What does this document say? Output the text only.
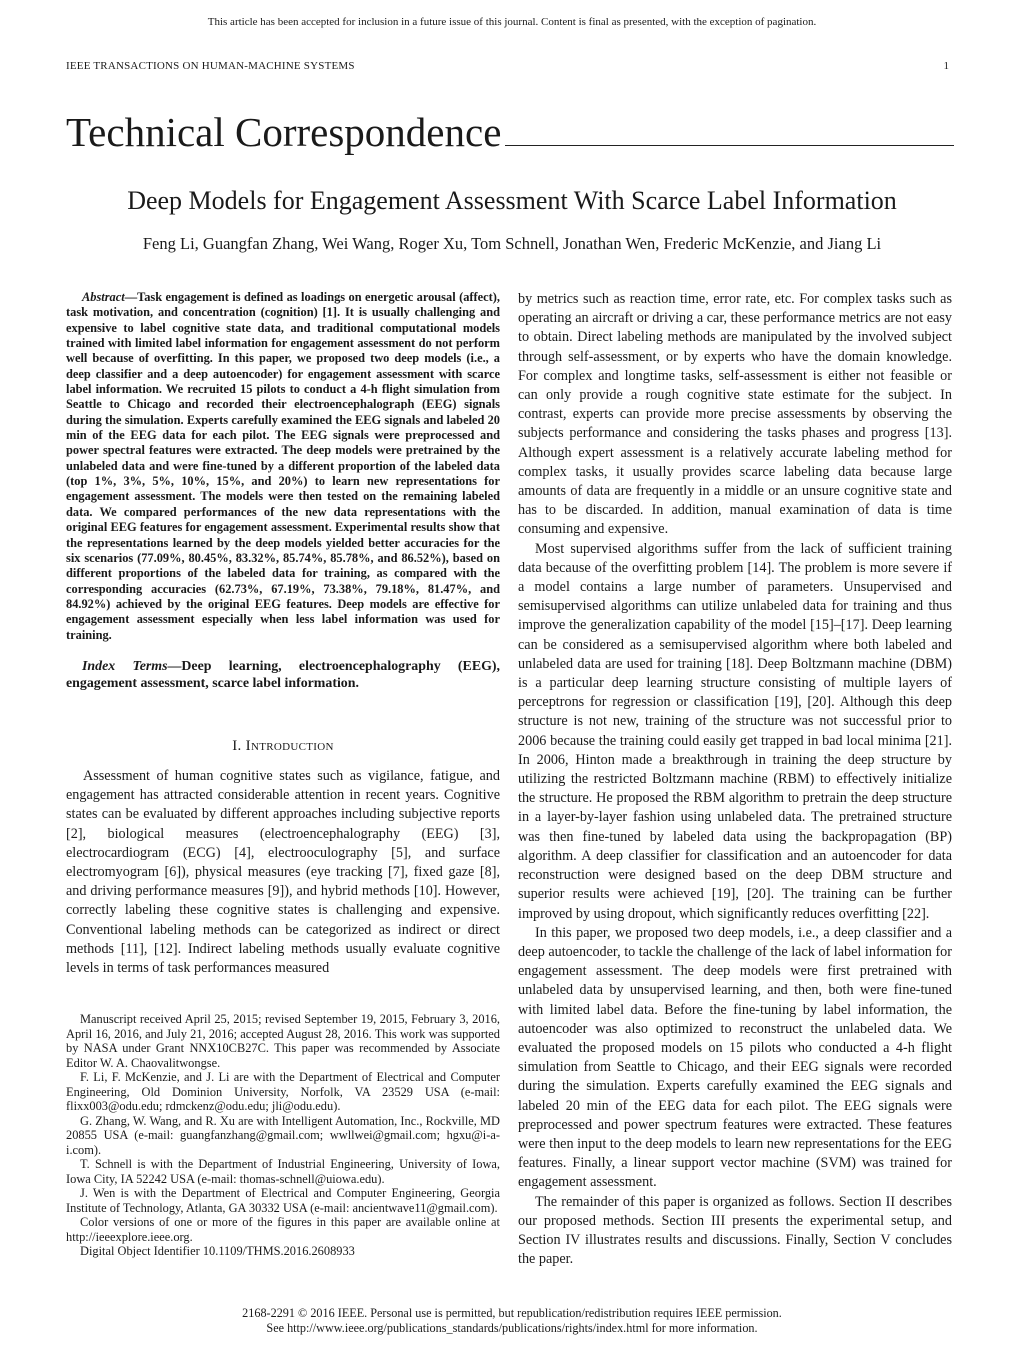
This article has been accepted for inclusion in a future issue of this journal. Content is final as presented, with the exception of pagination.
IEEE TRANSACTIONS ON HUMAN-MACHINE SYSTEMS	1
Technical Correspondence
Deep Models for Engagement Assessment With Scarce Label Information
Feng Li, Guangfan Zhang, Wei Wang, Roger Xu, Tom Schnell, Jonathan Wen, Frederic McKenzie, and Jiang Li

Abstract—Task engagement is defined as loadings on energetic arousal (affect), task motivation, and concentration (cognition) [1]. It is usually challenging and expensive to label cognitive state data, and traditional computational models trained with limited label information for engagement assessment do not perform well because of overfitting. In this paper, we proposed two deep models (i.e., a deep classifier and a deep autoencoder) for engagement assessment with scarce label information. We recruited 15 pilots to conduct a 4-h flight simulation from Seattle to Chicago and recorded their electroencephalograph (EEG) signals during the simulation. Experts carefully examined the EEG signals and labeled 20 min of the EEG data for each pilot. The EEG signals were preprocessed and power spectral features were extracted. The deep models were pretrained by the unlabeled data and were fine-tuned by a different proportion of the labeled data (top 1%, 3%, 5%, 10%, 15%, and 20%) to learn new representations for engagement assessment. The models were then tested on the remaining labeled data. We compared performances of the new data representations with the original EEG features for engagement assessment. Experimental results show that the representations learned by the deep models yielded better accuracies for the six scenarios (77.09%, 80.45%, 83.32%, 85.74%, 85.78%, and 86.52%), based on different proportions of the labeled data for training, as compared with the corresponding accuracies (62.73%, 67.19%, 73.38%, 79.18%, 81.47%, and 84.92%) achieved by the original EEG features. Deep models are effective for engagement assessment especially when less label information was used for training.

Index Terms—Deep learning, electroencephalography (EEG), engagement assessment, scarce label information.

I. Introduction

Assessment of human cognitive states such as vigilance, fatigue, and engagement has attracted considerable attention in recent years. Cognitive states can be evaluated by different approaches including subjective reports [2], biological measures (electroencephalography (EEG) [3], electrocardiogram (ECG) [4], electrooculography [5], and surface electromyogram [6]), physical measures (eye tracking [7], fixed gaze [8], and driving performance measures [9]), and hybrid methods [10]. However, correctly labeling these cognitive states is challenging and expensive. Conventional labeling methods can be categorized as indirect or direct methods [11], [12]. Indirect labeling methods usually evaluate cognitive levels in terms of task performances measured

by metrics such as reaction time, error rate, etc. For complex tasks such as operating an aircraft or driving a car, these performance metrics are not easy to obtain. Direct labeling methods are manipulated by the involved subject through self-assessment, or by experts who have the domain knowledge. For complex and longtime tasks, self-assessment is either not feasible or can only provide a rough cognitive state estimate for the subject. In contrast, experts can provide more precise assessments by observing the subjects performance and considering the tasks phases and progress [13]. Although expert assessment is a relatively accurate labeling method for complex tasks, it usually provides scarce labeling data because large amounts of data are frequently in a middle or an unsure cognitive state and has to be discarded. In addition, manual examination of data is time consuming and expensive.

Most supervised algorithms suffer from the lack of sufficient training data because of the overfitting problem [14]. The problem is more severe if a model contains a large number of parameters. Unsupervised and semisupervised algorithms can utilize unlabeled data for training and thus improve the generalization capability of the model [15]–[17]. Deep learning can be considered as a semisupervised algorithm where both labeled and unlabeled data are used for training [18]. Deep Boltzmann machine (DBM) is a particular deep learning structure consisting of multiple layers of perceptrons for regression or classification [19], [20]. Although this deep structure is not new, training of the structure was not successful prior to 2006 because the training could easily get trapped in bad local minima [21]. In 2006, Hinton made a breakthrough in training the deep structure by utilizing the restricted Boltzmann machine (RBM) to effectively initialize the structure. He proposed the RBM algorithm to pretrain the deep structure in a layer-by-layer fashion using unlabeled data. The pretrained structure was then fine-tuned by labeled data using the backpropagation (BP) algorithm. A deep classifier for classification and an autoencoder for data reconstruction were designed based on the deep DBM structure and superior results were achieved [19], [20]. The training can be further improved by using dropout, which significantly reduces overfitting [22].

In this paper, we proposed two deep models, i.e., a deep classifier and a deep autoencoder, to tackle the challenge of the lack of label information for engagement assessment. The deep models were first pretrained with unlabeled data by unsupervised learning, and then, both were fine-tuned with limited label data. Before the fine-tuning by label information, the autoencoder was also optimized to reconstruct the unlabeled data. We evaluated the proposed models on 15 pilots who conducted a 4-h flight simulation from Seattle to Chicago, and their EEG signals were recorded during the simulation. Experts carefully examined the EEG signals and labeled 20 min of the EEG data for each pilot. The EEG signals were preprocessed and power spectrum features were extracted. These features were then input to the deep models to learn new representations for the EEG features. Finally, a linear support vector machine (SVM) was trained for engagement assessment.

The remainder of this paper is organized as follows. Section II describes our proposed methods. Section III presents the experimental setup, and Section IV illustrates results and discussions. Finally, Section V concludes the paper.

Manuscript received April 25, 2015; revised September 19, 2015, February 3, 2016, April 16, 2016, and July 21, 2016; accepted August 28, 2016. This work was supported by NASA under Grant NNX10CB27C. This paper was recommended by Associate Editor W. A. Chaovalitwongse.

F. Li, F. McKenzie, and J. Li are with the Department of Electrical and Computer Engineering, Old Dominion University, Norfolk, VA 23529 USA (e-mail: flixx003@odu.edu; rdmckenz@odu.edu; jli@odu.edu).

G. Zhang, W. Wang, and R. Xu are with Intelligent Automation, Inc., Rockville, MD 20855 USA (e-mail: guangfanzhang@gmail.com; wwllwei@gmail.com; hgxu@i-a-i.com).

T. Schnell is with the Department of Industrial Engineering, University of Iowa, Iowa City, IA 52242 USA (e-mail: thomas-schnell@uiowa.edu).

J. Wen is with the Department of Electrical and Computer Engineering, Georgia Institute of Technology, Atlanta, GA 30332 USA (e-mail: ancientwave11@gmail.com).

Color versions of one or more of the figures in this paper are available online at http://ieeexplore.ieee.org.

Digital Object Identifier 10.1109/THMS.2016.2608933

2168-2291 © 2016 IEEE. Personal use is permitted, but republication/redistribution requires IEEE permission.
See http://www.ieee.org/publications_standards/publications/rights/index.html for more information.
